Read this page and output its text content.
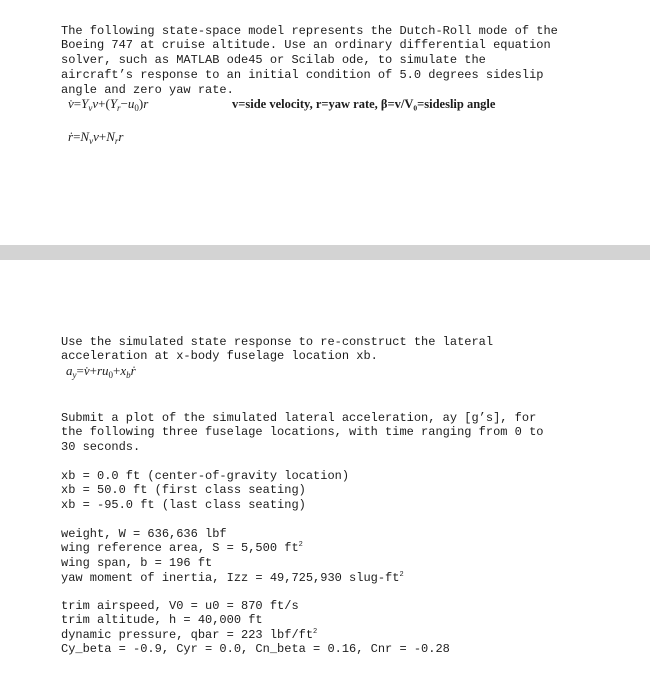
The following state-space model represents the Dutch-Roll mode of the
Boeing 747 at cruise altitude. Use an ordinary differential equation
solver, such as MATLAB ode45 or Scilab ode, to simulate the
aircraft’s response to an initial condition of 5.0 degrees sideslip
angle and zero yaw rate.

$v̇=Y_vv+(Y_r-u_0)r$	v=side velocity, r=yaw rate, β=v/V₀=sideslip angle
$ṙ=N_vv+N_rr$

Use the simulated state response to re-construct the lateral
acceleration at x-body fuselage location xb.

$a_y=v̇+ru_0+x_bṙ$

Submit a plot of the simulated lateral acceleration, ay [g’s], for
the following three fuselage locations, with time ranging from 0 to
30 seconds.

xb = 0.0 ft (center-of-gravity location)
xb = 50.0 ft (first class seating)
xb = -95.0 ft (last class seating)

weight, W = 636,636 lbf
wing reference area, S = 5,500 $ft^2$
wing span, b = 196 ft
yaw moment of inertia, Izz = 49,725,930 slug-$ft^2$

trim airspeed, V0 = u0 = 870 ft/s
trim altitude, h = 40,000 ft
dynamic pressure, qbar = 223 lbf/$ft^2$

Cy_beta = -0.9, Cyr = 0.0, Cn_beta = 0.16, Cnr = -0.28
